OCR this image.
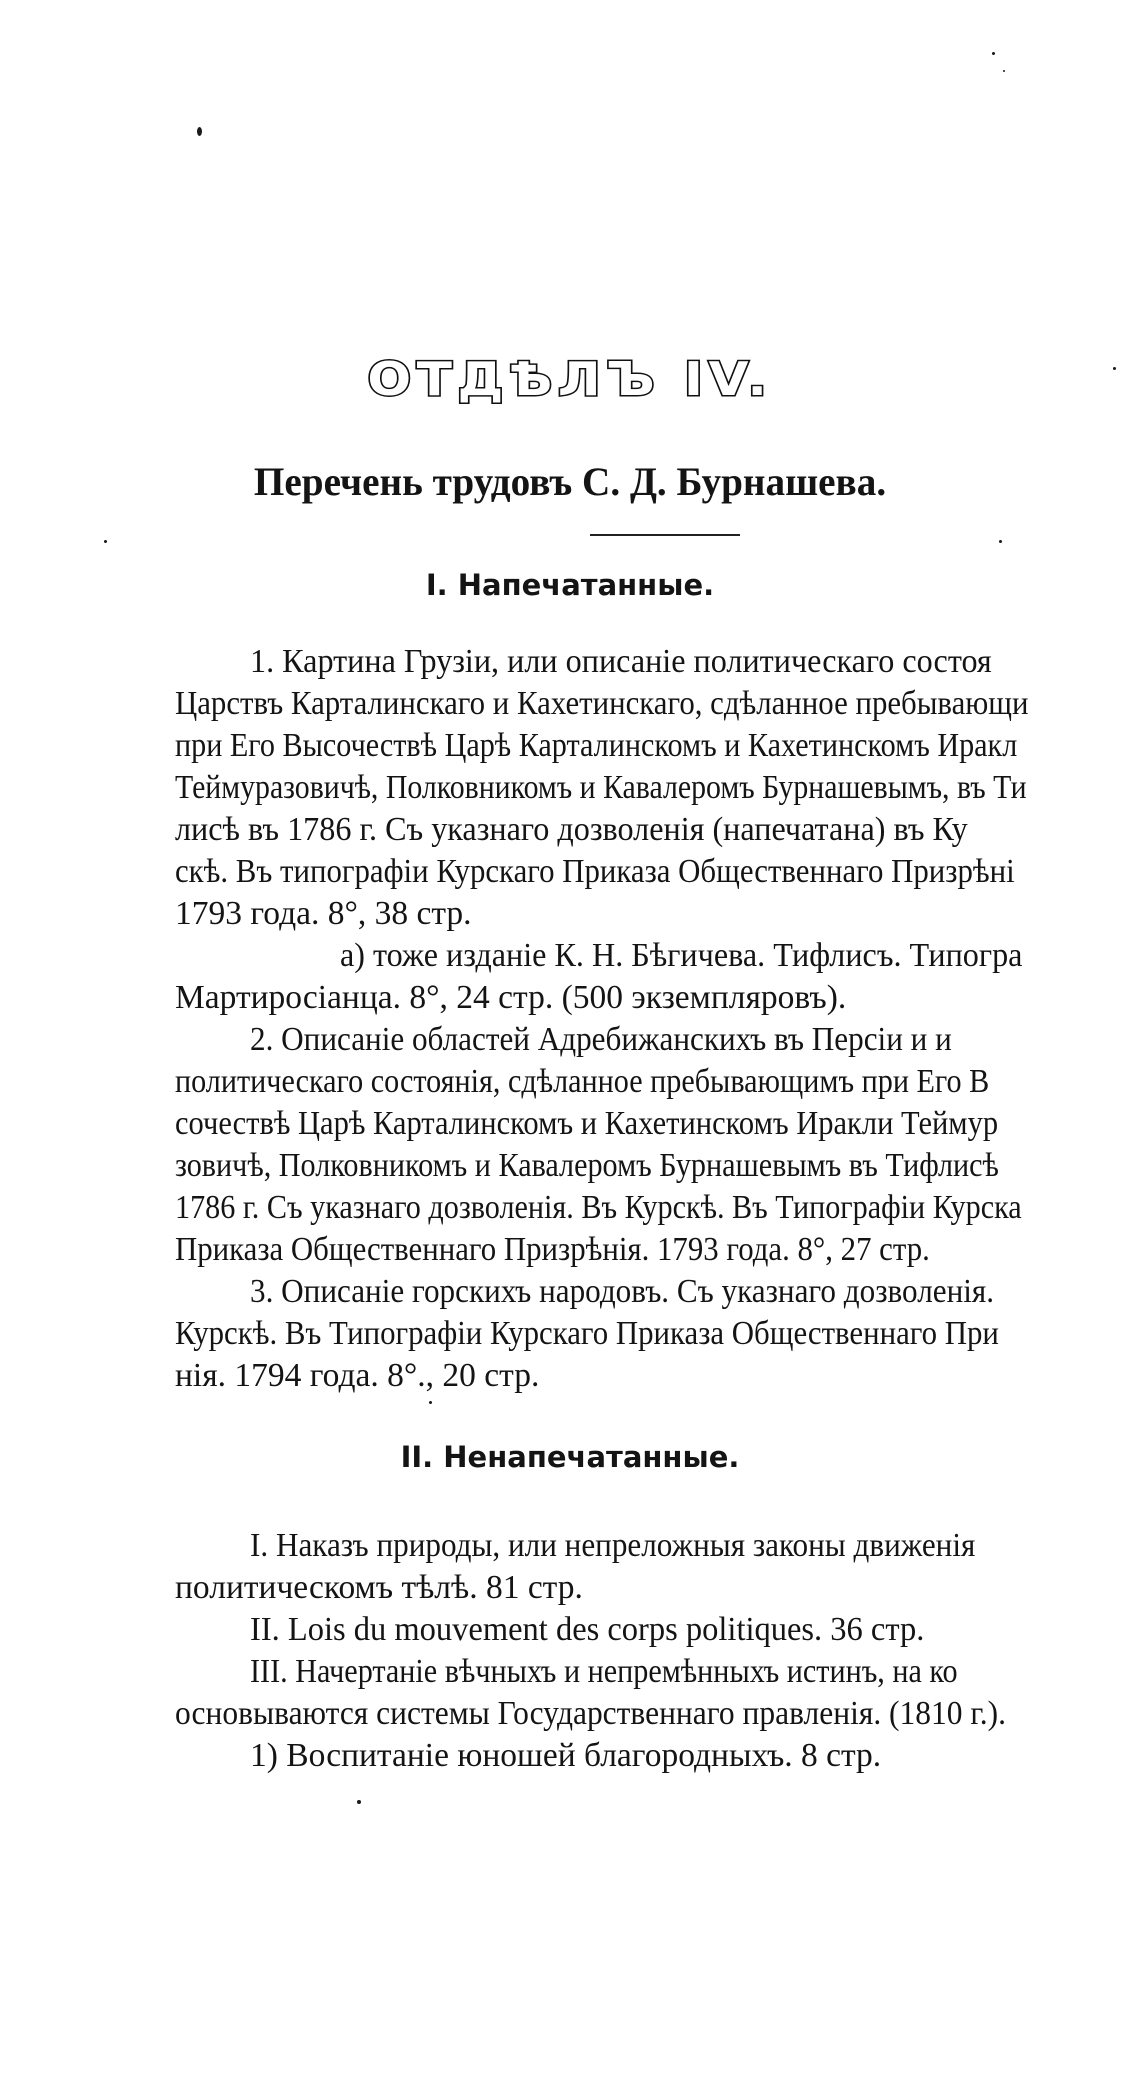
ОТДѢЛЪ IV.
Перечень трудовъ С. Д. Бурнашева.
I. Напечатанные.
1. Картина Грузіи, или описаніе политическаго состоя
Царствъ Карталинскаго и Кахетинскаго, сдѣланное пребывающи
при Его Высочествѣ Царѣ Карталинскомъ и Кахетинскомъ Иракл
Теймуразовичѣ, Полковникомъ и Кавалеромъ Бурнашевымъ, въ Ти
лисѣ въ 1786 г. Съ указнаго дозволенія (напечатана) въ Ку
скѣ. Въ типографіи Курскаго Приказа Общественнаго Призрѣні
1793 года. 8°, 38 стр.
а) тоже изданіе К. Н. Бѣгичева. Тифлисъ. Типогра
Мартиросіанца. 8°, 24 стр. (500 экземпляровъ).
2. Описаніе областей Адребижанскихъ въ Персіи и и
политическаго состоянія, сдѣланное пребывающимъ при Его В
сочествѣ Царѣ Карталинскомъ и Кахетинскомъ Иракли Теймур
зовичѣ, Полковникомъ и Кавалеромъ Бурнашевымъ въ Тифлисѣ
1786 г. Съ указнаго дозволенія. Въ Курскѣ. Въ Типографіи Курска
Приказа Общественнаго Призрѣнія. 1793 года. 8°, 27 стр.
3. Описаніе горскихъ народовъ. Съ указнаго дозволенія.
Курскѣ. Въ Типографіи Курскаго Приказа Общественнаго При
нія. 1794 года. 8°., 20 стр.
II. Ненапечатанные.
I. Наказъ природы, или непреложныя законы движенія
политическомъ тѣлѣ. 81 стр.
II. Lois du mouvement des corps politiques. 36 стр.
III. Начертаніе вѣчныхъ и непремѣнныхъ истинъ, на ко
основываются системы Государственнаго правленія. (1810 г.).
1) Воспитаніе юношей благородныхъ. 8 стр.
